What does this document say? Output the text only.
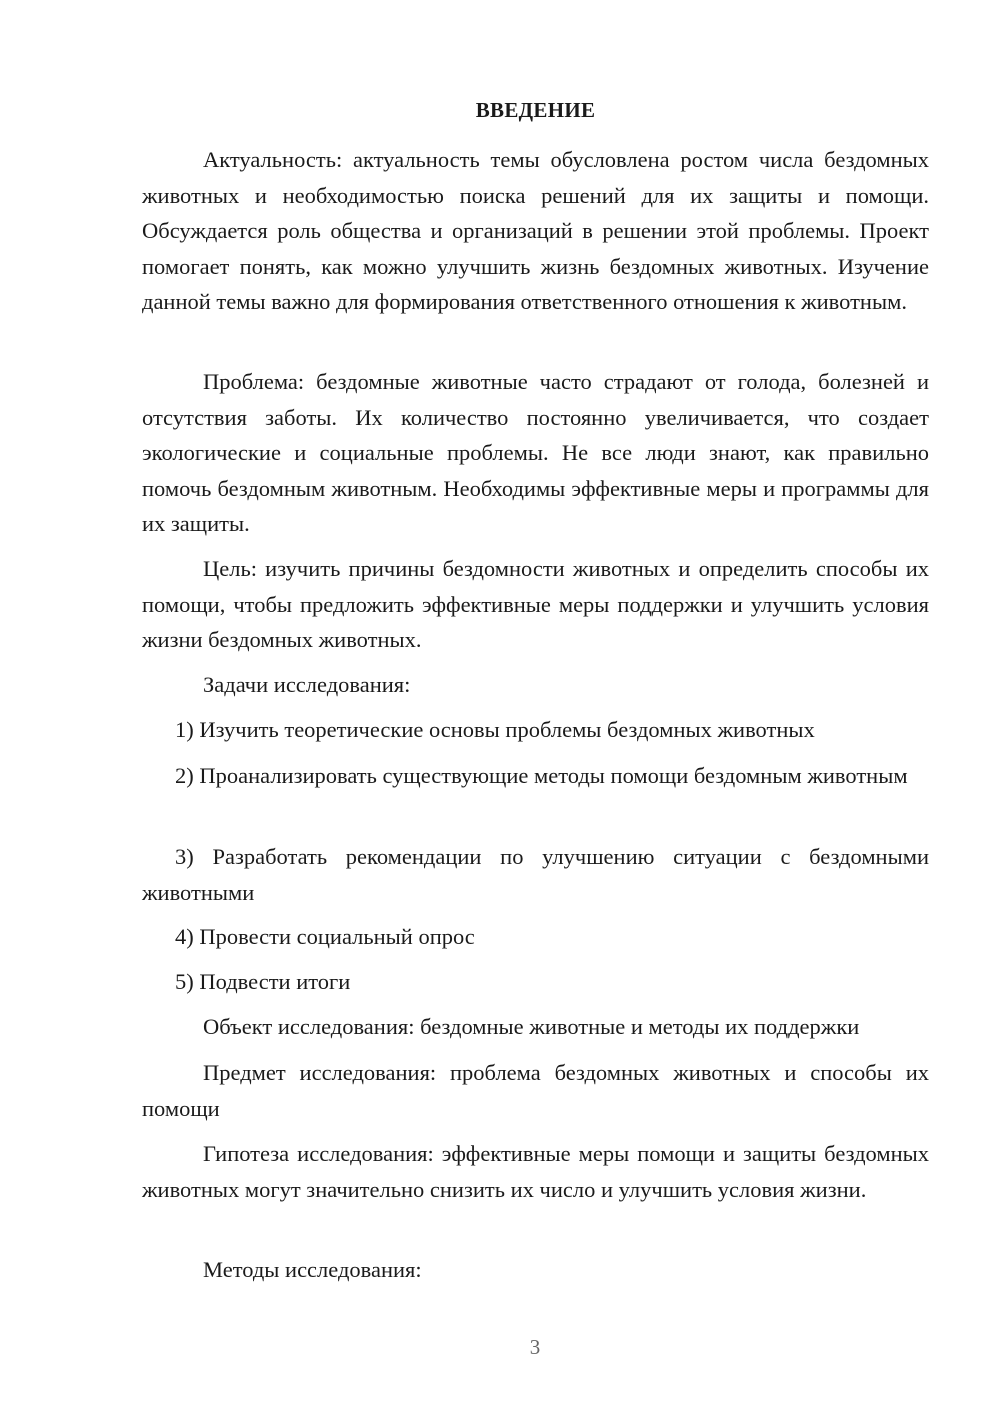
ВВЕДЕНИЕ

Актуальность: актуальность темы обусловлена ростом числа бездомных животных и необходимостью поиска решений для их защиты и помощи. Обсуждается роль общества и организаций в решении этой проблемы. Проект помогает понять, как можно улучшить жизнь бездомных животных. Изучение данной темы важно для формирования ответственного отношения к животным.

Проблема: бездомные животные часто страдают от голода, болезней и отсутствия заботы. Их количество постоянно увеличивается, что создает экологические и социальные проблемы. Не все люди знают, как правильно помочь бездомным животным. Необходимы эффективные меры и программы для их защиты.

Цель: изучить причины бездомности животных и определить способы их помощи, чтобы предложить эффективные меры поддержки и улучшить условия жизни бездомных животных.

Задачи исследования:

1) Изучить теоретические основы проблемы бездомных животных

2) Проанализировать существующие методы помощи бездомным животным

3) Разработать рекомендации по улучшению ситуации с бездомными животными

4) Провести социальный опрос

5) Подвести итоги

Объект исследования: бездомные животные и методы их поддержки

Предмет исследования: проблема бездомных животных и способы их помощи

Гипотеза исследования: эффективные меры помощи и защиты бездомных животных могут значительно снизить их число и улучшить условия жизни.

Методы исследования:

3
